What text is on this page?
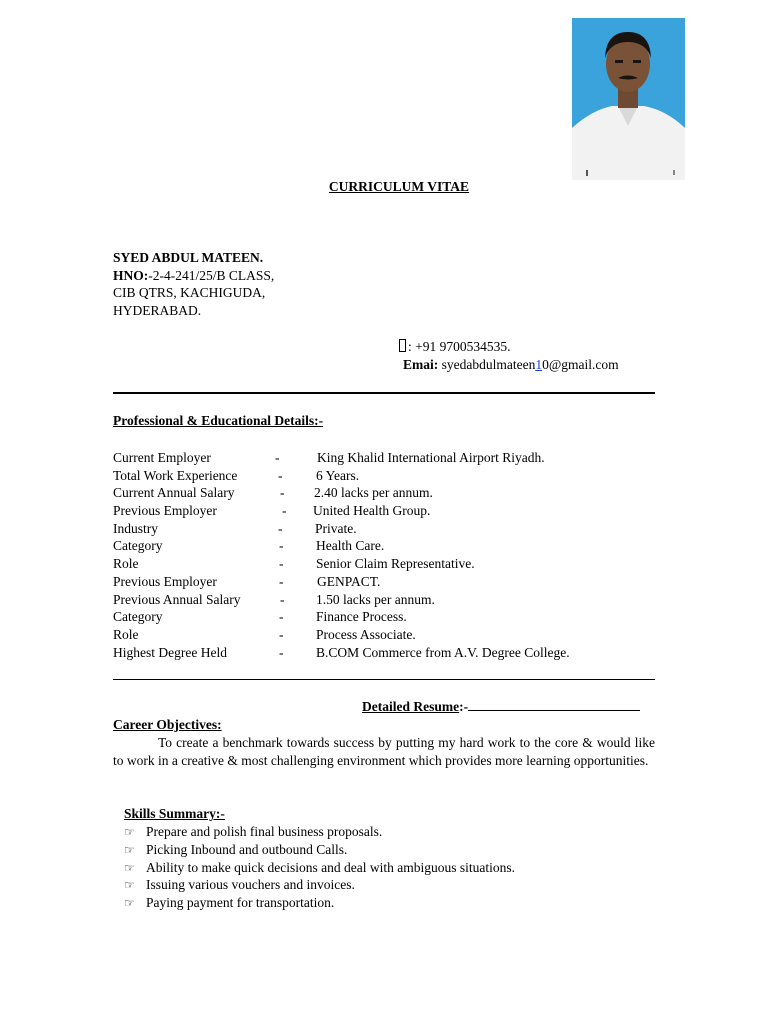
CURRICULUM VITAE
SYED ABDUL MATEEN.
HNO:-2-4-241/25/B CLASS,
CIB QTRS, KACHIGUDA,
HYDERABAD.
: +91 9700534535.
Emai: syedabdulmateen10@gmail.com
Professional & Educational Details:-
Current Employer	-	King Khalid International Airport Riyadh.
Total Work Experience	- 6 Years.
Current Annual Salary	- 2.40 lacks per annum.
Previous Employer	- United Health Group.
Industry	- Private.
Category	- Health Care.
Role	- Senior Claim Representative.
Previous Employer	- GENPACT.
Previous Annual Salary	- 1.50 lacks per annum.
Category	- Finance Process.
Role	- Process Associate.
Highest Degree Held	- B.COM Commerce from A.V. Degree College.
Detailed Resume:-
Career Objectives:
To create a benchmark towards success by putting my hard work to the core & would like to work in a creative & most challenging environment which provides more learning opportunities.
Skills Summary:-
☞ Prepare and polish final business proposals.
☞ Picking Inbound and outbound Calls.
☞ Ability to make quick decisions and deal with ambiguous situations.
☞ Issuing various vouchers and invoices.
☞ Paying payment for transportation.
